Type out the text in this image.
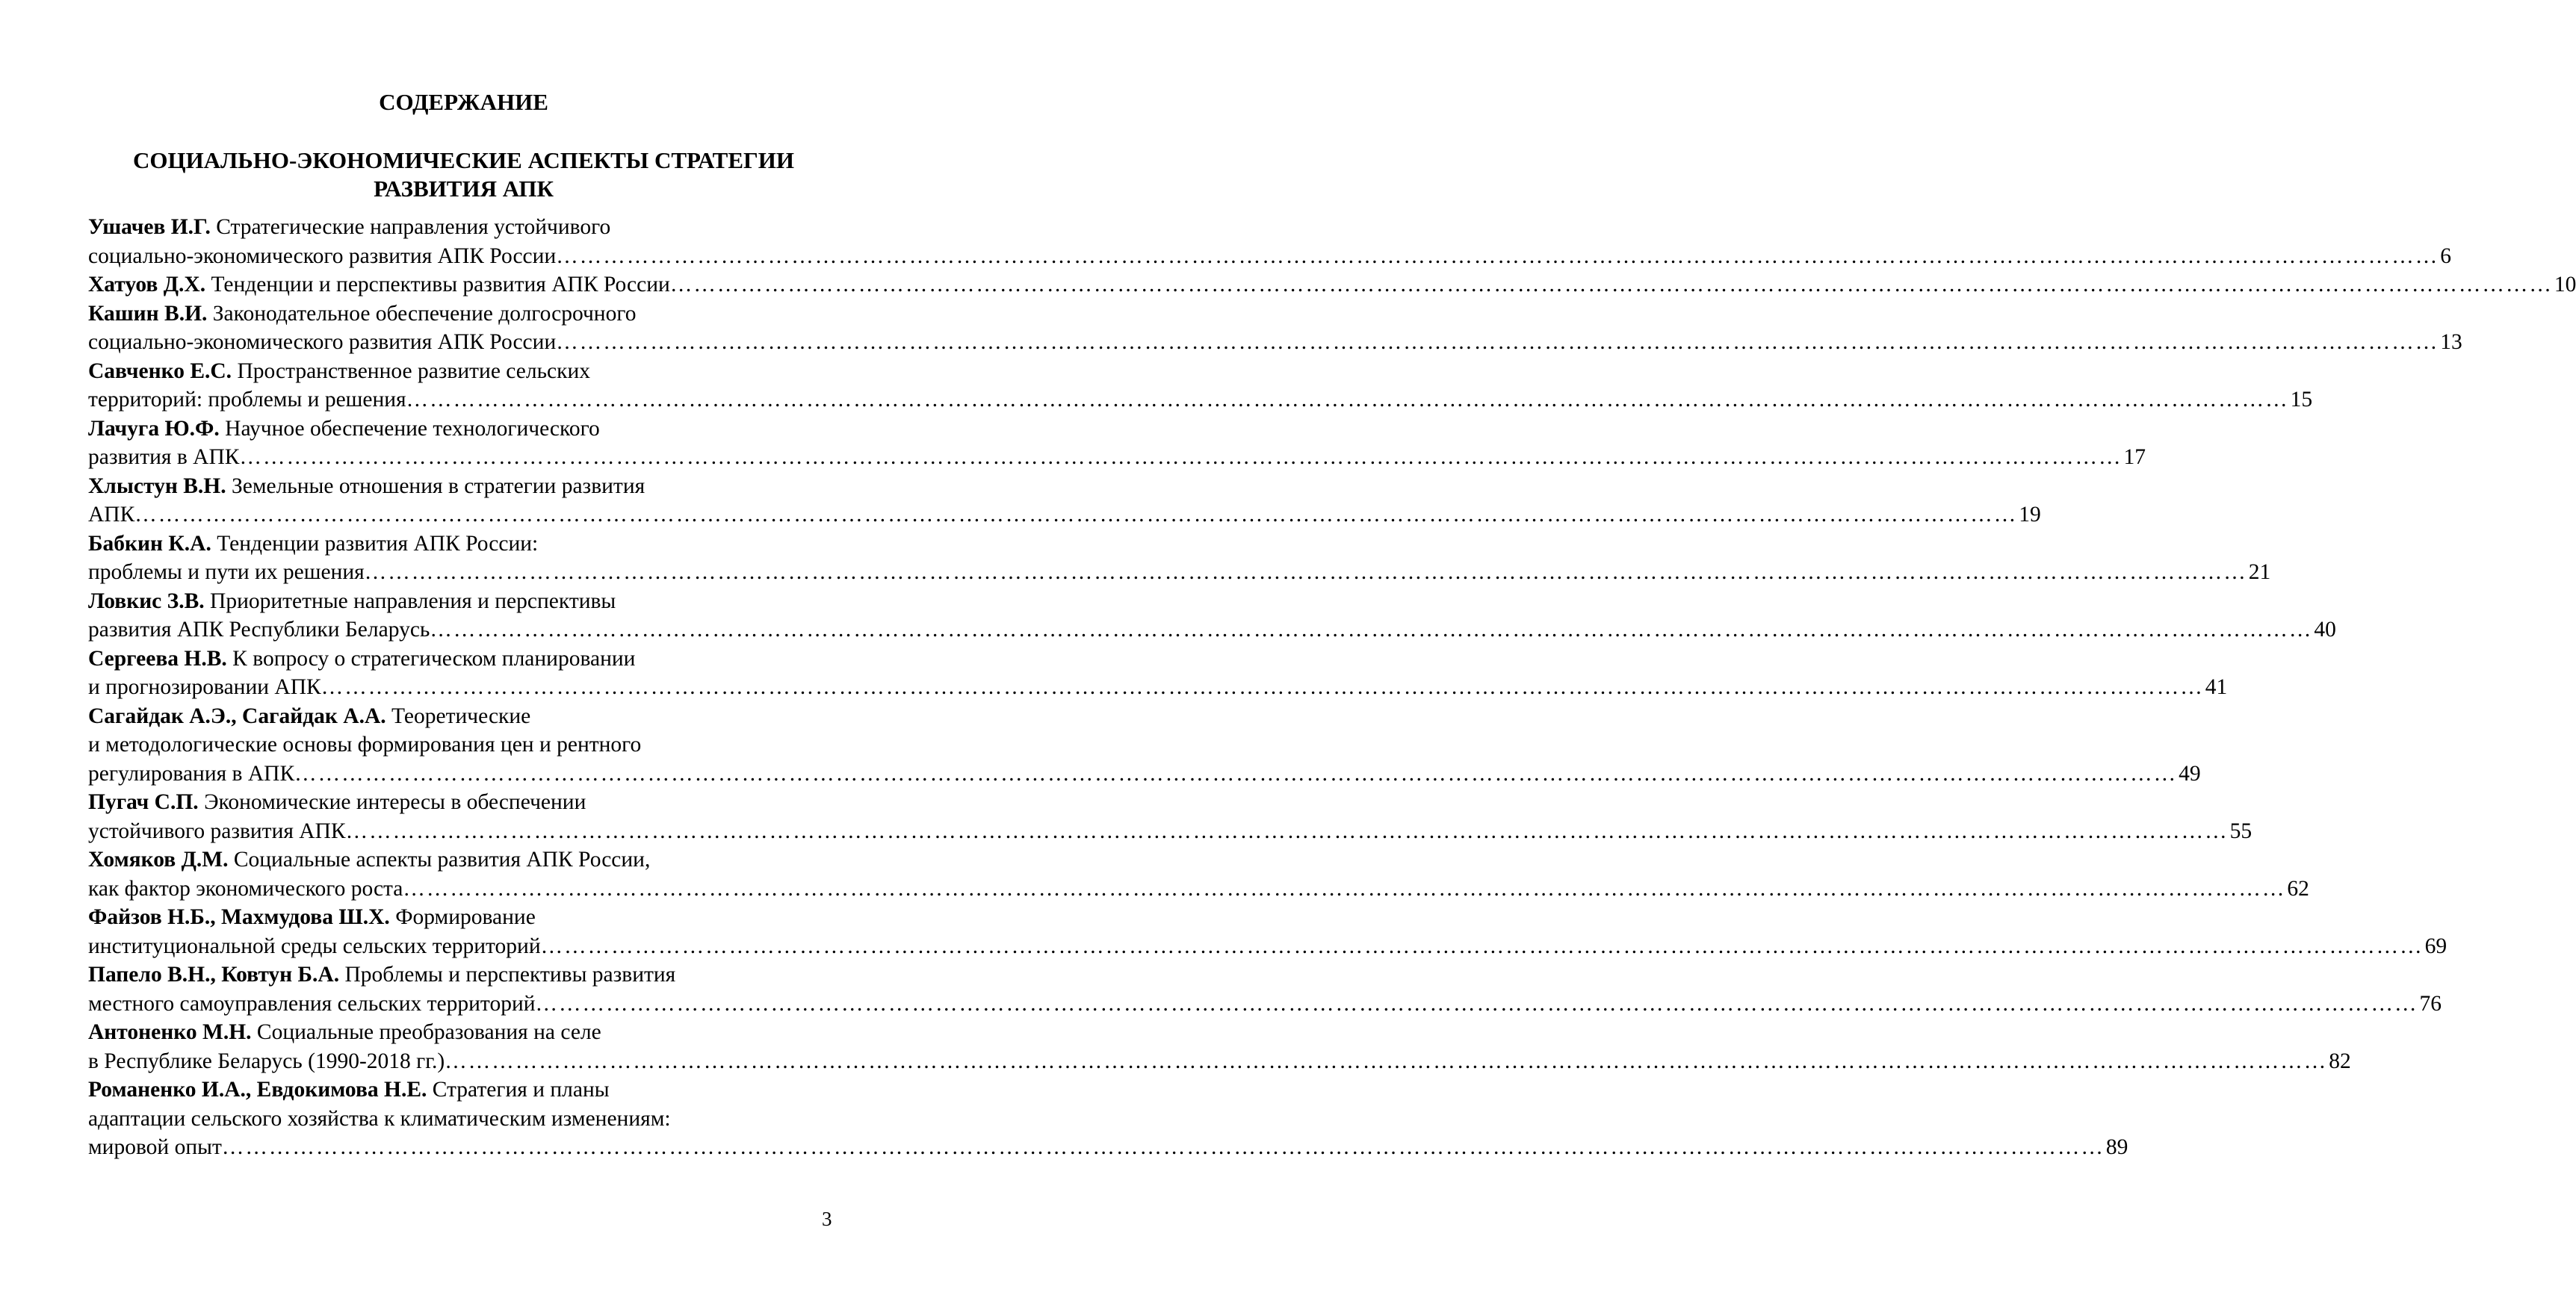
СОДЕРЖАНИЕ
СОЦИАЛЬНО-ЭКОНОМИЧЕСКИЕ АСПЕКТЫ СТРАТЕГИИ
РАЗВИТИЯ АПК
Ушачев И.Г. Стратегические направления устойчивого
социально-экономического развития АПК России …………………………………………………………………………………………………………………………………………………………………………………………………………………… 6
Хатуов Д.Х. Тенденции и перспективы развития АПК России …………………………………………………………………………………………………………………………………………………………………………………………………………………… 10
Кашин В.И. Законодательное обеспечение долгосрочного
социально-экономического развития АПК России …………………………………………………………………………………………………………………………………………………………………………………………………………………… 13
Савченко Е.С. Пространственное развитие сельских
территорий: проблемы и решения …………………………………………………………………………………………………………………………………………………………………………………………………………………… 15
Лачуга Ю.Ф. Научное обеспечение технологического
развития в АПК …………………………………………………………………………………………………………………………………………………………………………………………………………………… 17
Хлыстун В.Н. Земельные отношения в стратегии развития
АПК …………………………………………………………………………………………………………………………………………………………………………………………………………………… 19
Бабкин К.А. Тенденции развития АПК России:
проблемы и пути их решения …………………………………………………………………………………………………………………………………………………………………………………………………………………… 21
Ловкис З.В. Приоритетные направления и перспективы
развития АПК Республики Беларусь …………………………………………………………………………………………………………………………………………………………………………………………………………………… 40
Сергеева Н.В. К вопросу о стратегическом планировании
и прогнозировании АПК …………………………………………………………………………………………………………………………………………………………………………………………………………………… 41
Сагайдак А.Э., Сагайдак А.А. Теоретические
и методологические основы формирования цен и рентного
регулирования в АПК …………………………………………………………………………………………………………………………………………………………………………………………………………………… 49
Пугач С.П. Экономические интересы в обеспечении
устойчивого развития АПК …………………………………………………………………………………………………………………………………………………………………………………………………………………… 55
Хомяков Д.М. Социальные аспекты развития АПК России,
как фактор экономического роста …………………………………………………………………………………………………………………………………………………………………………………………………………………… 62
Файзов Н.Б., Махмудова Ш.Х. Формирование
институциональной среды сельских территорий …………………………………………………………………………………………………………………………………………………………………………………………………………………… 69
Папело В.Н., Ковтун Б.А. Проблемы и перспективы развития
местного самоуправления сельских территорий …………………………………………………………………………………………………………………………………………………………………………………………………………………… 76
Антоненко М.Н. Социальные преобразования на селе
в Республике Беларусь (1990-2018 гг.) …………………………………………………………………………………………………………………………………………………………………………………………………………………… 82
Романенко И.А., Евдокимова Н.Е. Стратегия и планы
адаптации сельского хозяйства к климатическим изменениям:
мировой опыт …………………………………………………………………………………………………………………………………………………………………………………………………………………… 89
3
